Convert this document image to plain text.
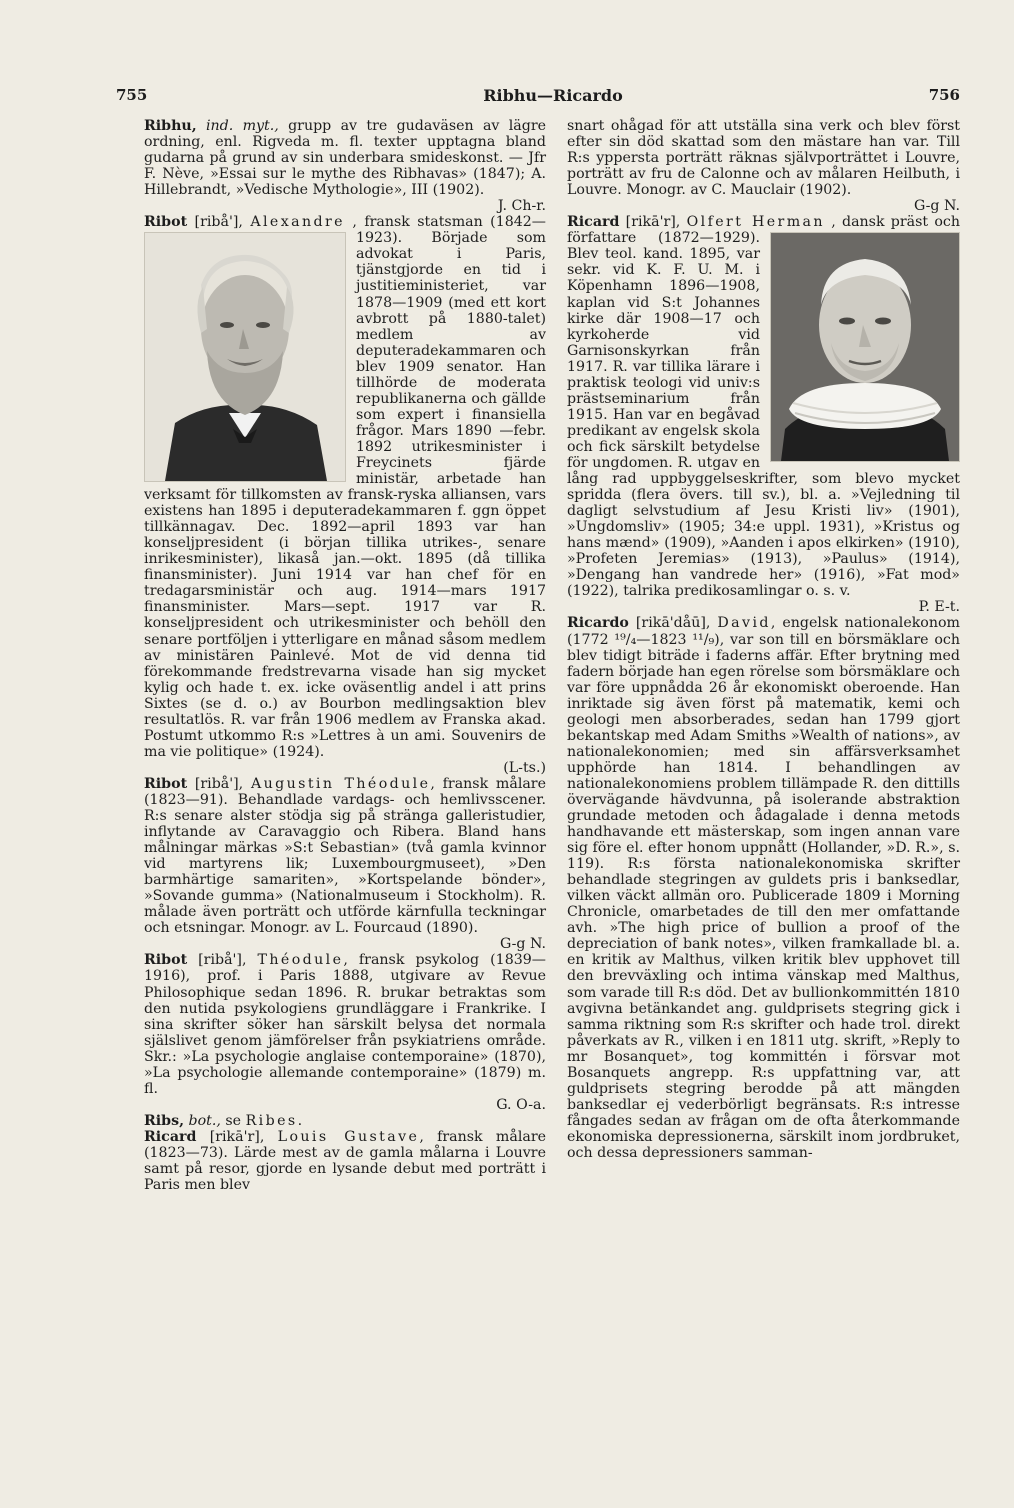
755	Ribhu—Ricardo	756

Ribhu, ind. myt., grupp av tre gudaväsen av lägre ordning, enl. Rigveda m. fl. texter upptagna bland gudarna på grund av sin underbara smideskonst. — Jfr F. Nève, »Essai sur le mythe des Ribhavas» (1847); A. Hillebrandt, »Vedische Mythologie», III (1902).
J. Ch-r.

Ribot [ribå'], Alexandre , fransk statsman (1842—1923). Började som advokat i Paris, tjänstgjorde en tid i justitieministeriet, var 1878—1909 (med ett kort avbrott på 1880-talet) medlem av deputeradekammaren och blev 1909 senator. Han tillhörde de moderata republikanerna och gällde som expert i finansiella frågor. Mars 1890 —febr. 1892 utrikesminister i Freycinets fjärde ministär, arbetade han verksamt för tillkomsten av fransk-ryska alliansen, vars existens han 1895 i deputeradekammaren f. ggn öppet tillkännagav. Dec. 1892—april 1893 var han konseljpresident (i början tillika utrikes-, senare inrikesminister), likaså jan.—okt. 1895 (då tillika finansminister). Juni 1914 var han chef för en tredagarsministär och aug. 1914—mars 1917 finansminister. Mars—sept. 1917 var R. konseljpresident och utrikesminister och behöll den senare portföljen i ytterligare en månad såsom medlem av ministären Painlevé. Mot de vid denna tid förekommande fredstrevarna visade han sig mycket kylig och hade t. ex. icke oväsentlig andel i att prins Sixtes (se d. o.) av Bourbon medlingsaktion blev resultatlös. R. var från 1906 medlem av Franska akad. Postumt utkommo R:s »Lettres à un ami. Souvenirs de ma vie politique» (1924).
(L-ts.)

Ribot [ribå'], Augustin Théodule, fransk målare (1823—91). Behandlade vardags- och hemlivsscener. R:s senare alster stödja sig på stränga galleristudier, inflytande av Caravaggio och Ribera. Bland hans målningar märkas »S:t Sebastian» (två gamla kvinnor vid martyrens lik; Luxembourgmuseet), »Den barmhärtige samariten», »Kortspelande bönder», »Sovande gumma» (Nationalmuseum i Stockholm). R. målade även porträtt och utförde kärnfulla teckningar och etsningar. Monogr. av L. Fourcaud (1890).
G-g N.

Ribot [ribå'], Théodule, fransk psykolog (1839—1916), prof. i Paris 1888, utgivare av Revue Philosophique sedan 1896. R. brukar betraktas som den nutida psykologiens grundläggare i Frankrike. I sina skrifter söker han särskilt belysa det normala själslivet genom jämförelser från psykiatriens område. Skr.: »La psychologie anglaise contemporaine» (1870), »La psychologie allemande contemporaine» (1879) m. fl.
G. O-a.

Ribs, bot., se Ribes.

Ricard [rikā'r], Louis Gustave, fransk målare (1823—73). Lärde mest av de gamla målarna i Louvre samt på resor, gjorde en lysande debut med porträtt i Paris men blev

snart ohågad för att utställa sina verk och blev först efter sin död skattad som den mästare han var. Till R:s yppersta porträtt räknas självporträttet i Louvre, porträtt av fru de Calonne och av målaren Heilbuth, i Louvre. Monogr. av C. Mauclair (1902).
G-g N.

Ricard [rikā'r], Olfert Herman , dansk präst och författare (1872—1929). Blev teol. kand. 1895, var sekr. vid K. F. U. M. i Köpenhamn 1896—1908, kaplan vid S:t Johannes kirke där 1908—17 och kyrkoherde vid Garnisonskyrkan från 1917. R. var tillika lärare i praktisk teologi vid univ:s prästseminarium från 1915. Han var en begåvad predikant av engelsk skola och fick särskilt betydelse för ungdomen. R. utgav en lång rad uppbyggelseskrifter, som blevo mycket spridda (flera övers. till sv.), bl. a. »Vejledning til dagligt selvstudium af Jesu Kristi liv» (1901), »Ungdomsliv» (1905; 34:e uppl. 1931), »Kristus og hans mænd» (1909), »Aanden i apos elkirken» (1910), »Profeten Jeremias» (1913), »Paulus» (1914), »Dengang han vandrede her» (1916), »Fat mod» (1922), talrika predikosamlingar o. s. v.
P. E-t.

Ricardo [rikā'dåū], David, engelsk nationalekonom (1772 ¹⁹/₄—1823 ¹¹/₉), var son till en börsmäklare och blev tidigt biträde i faderns affär. Efter brytning med fadern började han egen rörelse som börsmäklare och var före uppnådda 26 år ekonomiskt oberoende. Han inriktade sig även först på matematik, kemi och geologi men absorberades, sedan han 1799 gjort bekantskap med Adam Smiths »Wealth of nations», av nationalekonomien; med sin affärsverksamhet upphörde han 1814. I behandlingen av nationalekonomiens problem tillämpade R. den dittills övervägande hävdvunna, på isolerande abstraktion grundade metoden och ådagalade i denna metods handhavande ett mästerskap, som ingen annan vare sig före el. efter honom uppnått (Hollander, »D. R.», s. 119). R:s första nationalekonomiska skrifter behandlade stegringen av guldets pris i banksedlar, vilken väckt allmän oro. Publicerade 1809 i Morning Chronicle, omarbetades de till den mer omfattande avh. »The high price of bullion a proof of the depreciation of bank notes», vilken framkallade bl. a. en kritik av Malthus, vilken kritik blev upphovet till den brevväxling och intima vänskap med Malthus, som varade till R:s död. Det av bullionkommittén 1810 avgivna betänkandet ang. guldprisets stegring gick i samma riktning som R:s skrifter och hade trol. direkt påverkats av R., vilken i en 1811 utg. skrift, »Reply to mr Bosanquet», tog kommittén i försvar mot Bosanquets angrepp. R:s uppfattning var, att guldprisets stegring berodde på att mängden banksedlar ej vederbörligt begränsats. R:s intresse fångades sedan av frågan om de ofta återkommande ekonomiska depressionerna, särskilt inom jordbruket, och dessa depressioners samman-
